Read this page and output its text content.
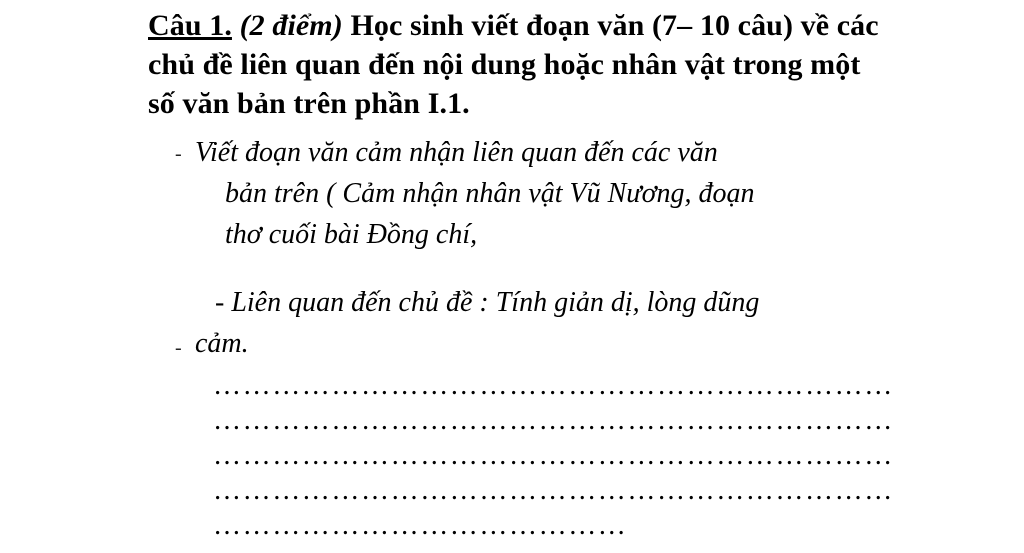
Câu 1. (2 điểm) Học sinh viết đoạn văn (7– 10 câu) về các chủ đề liên quan đến nội dung hoặc nhân vật trong một số văn bản trên phần I.1.
- Viết đoạn văn cảm nhận liên quan đến các văn
bản trên ( Cảm nhận nhân vật Vũ Nương, đoạn
thơ cuối bài Đồng chí,
- Liên quan đến chủ đề : Tính giản dị, lòng dũng
cảm.
-
……………………………………………………………
……………………………………………………………
……………………………………………………………
……………………………………………………………
……………………………………
